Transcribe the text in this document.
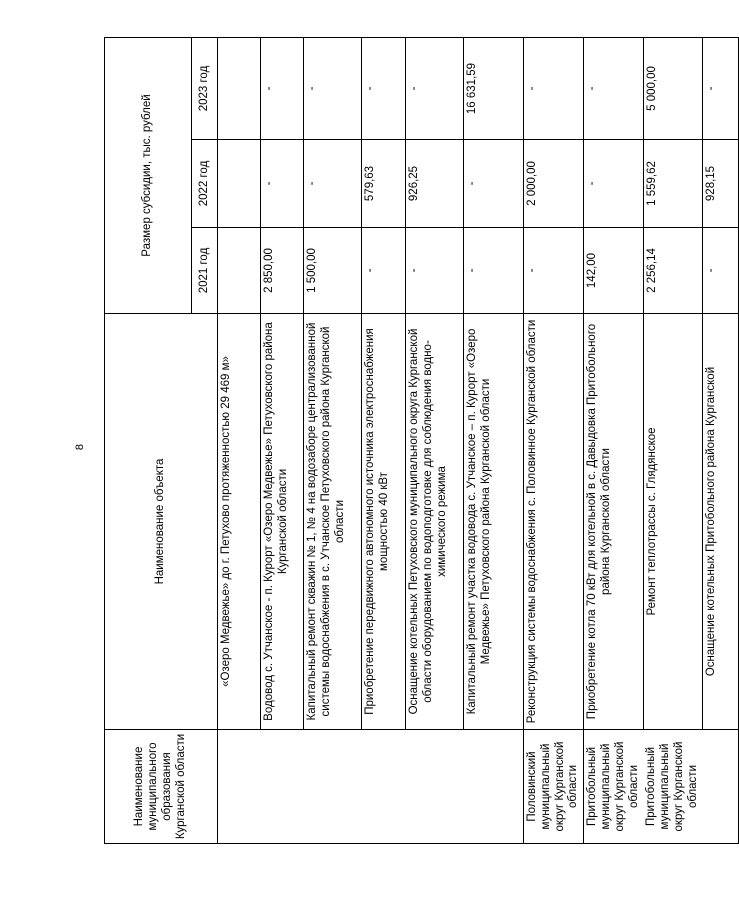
8
Наименование муниципального образования Курганской области	Наименование объекта	Размер субсидии, тыс. рублей		
		2021 год	2022 год	2023 год
	«Озеро Медвежье» до г. Петухово протяженностью 29 469 м»			
	Водовод с. Утчанское - п. Курорт «Озеро Медвежье» Петуховского района Курганской области	2 850,00	-	-
	Капитальный ремонт скважин № 1, № 4 на водозаборе централизованной системы водоснабжения в с. Утчанское Петуховского района Курганской области	1 500,00	-	-
	Приобретение передвижного автономного источника электроснабжения мощностью 40 кВт	-	579,63	-
	Оснащение котельных Петуховского муниципального округа Курганской области оборудованием по водоподготовке для соблюдения водно-химического режима	-	926,25	-
	Капитальный ремонт участка водовода с. Утчанское – п. Курорт «Озеро Медвежье» Петуховского района Курганской области	-	-	16 631,59
Половинский муниципальный округ Курганской области	Реконструкция системы водоснабжения с. Половинное Курганской области	-	2 000,00	-
Притобольный муниципальный округ Курганской области	Приобретение котла 70 кВт для котельной в с. Давыдовка Притобольного района Курганской области	142,00	-	-
Притобольный муниципальный округ Курганской области	Ремонт теплотрассы с. Глядянское	2 256,14	1 559,62	5 000,00
	Оснащение котельных Притобольного района Курганской	-	928,15	-
